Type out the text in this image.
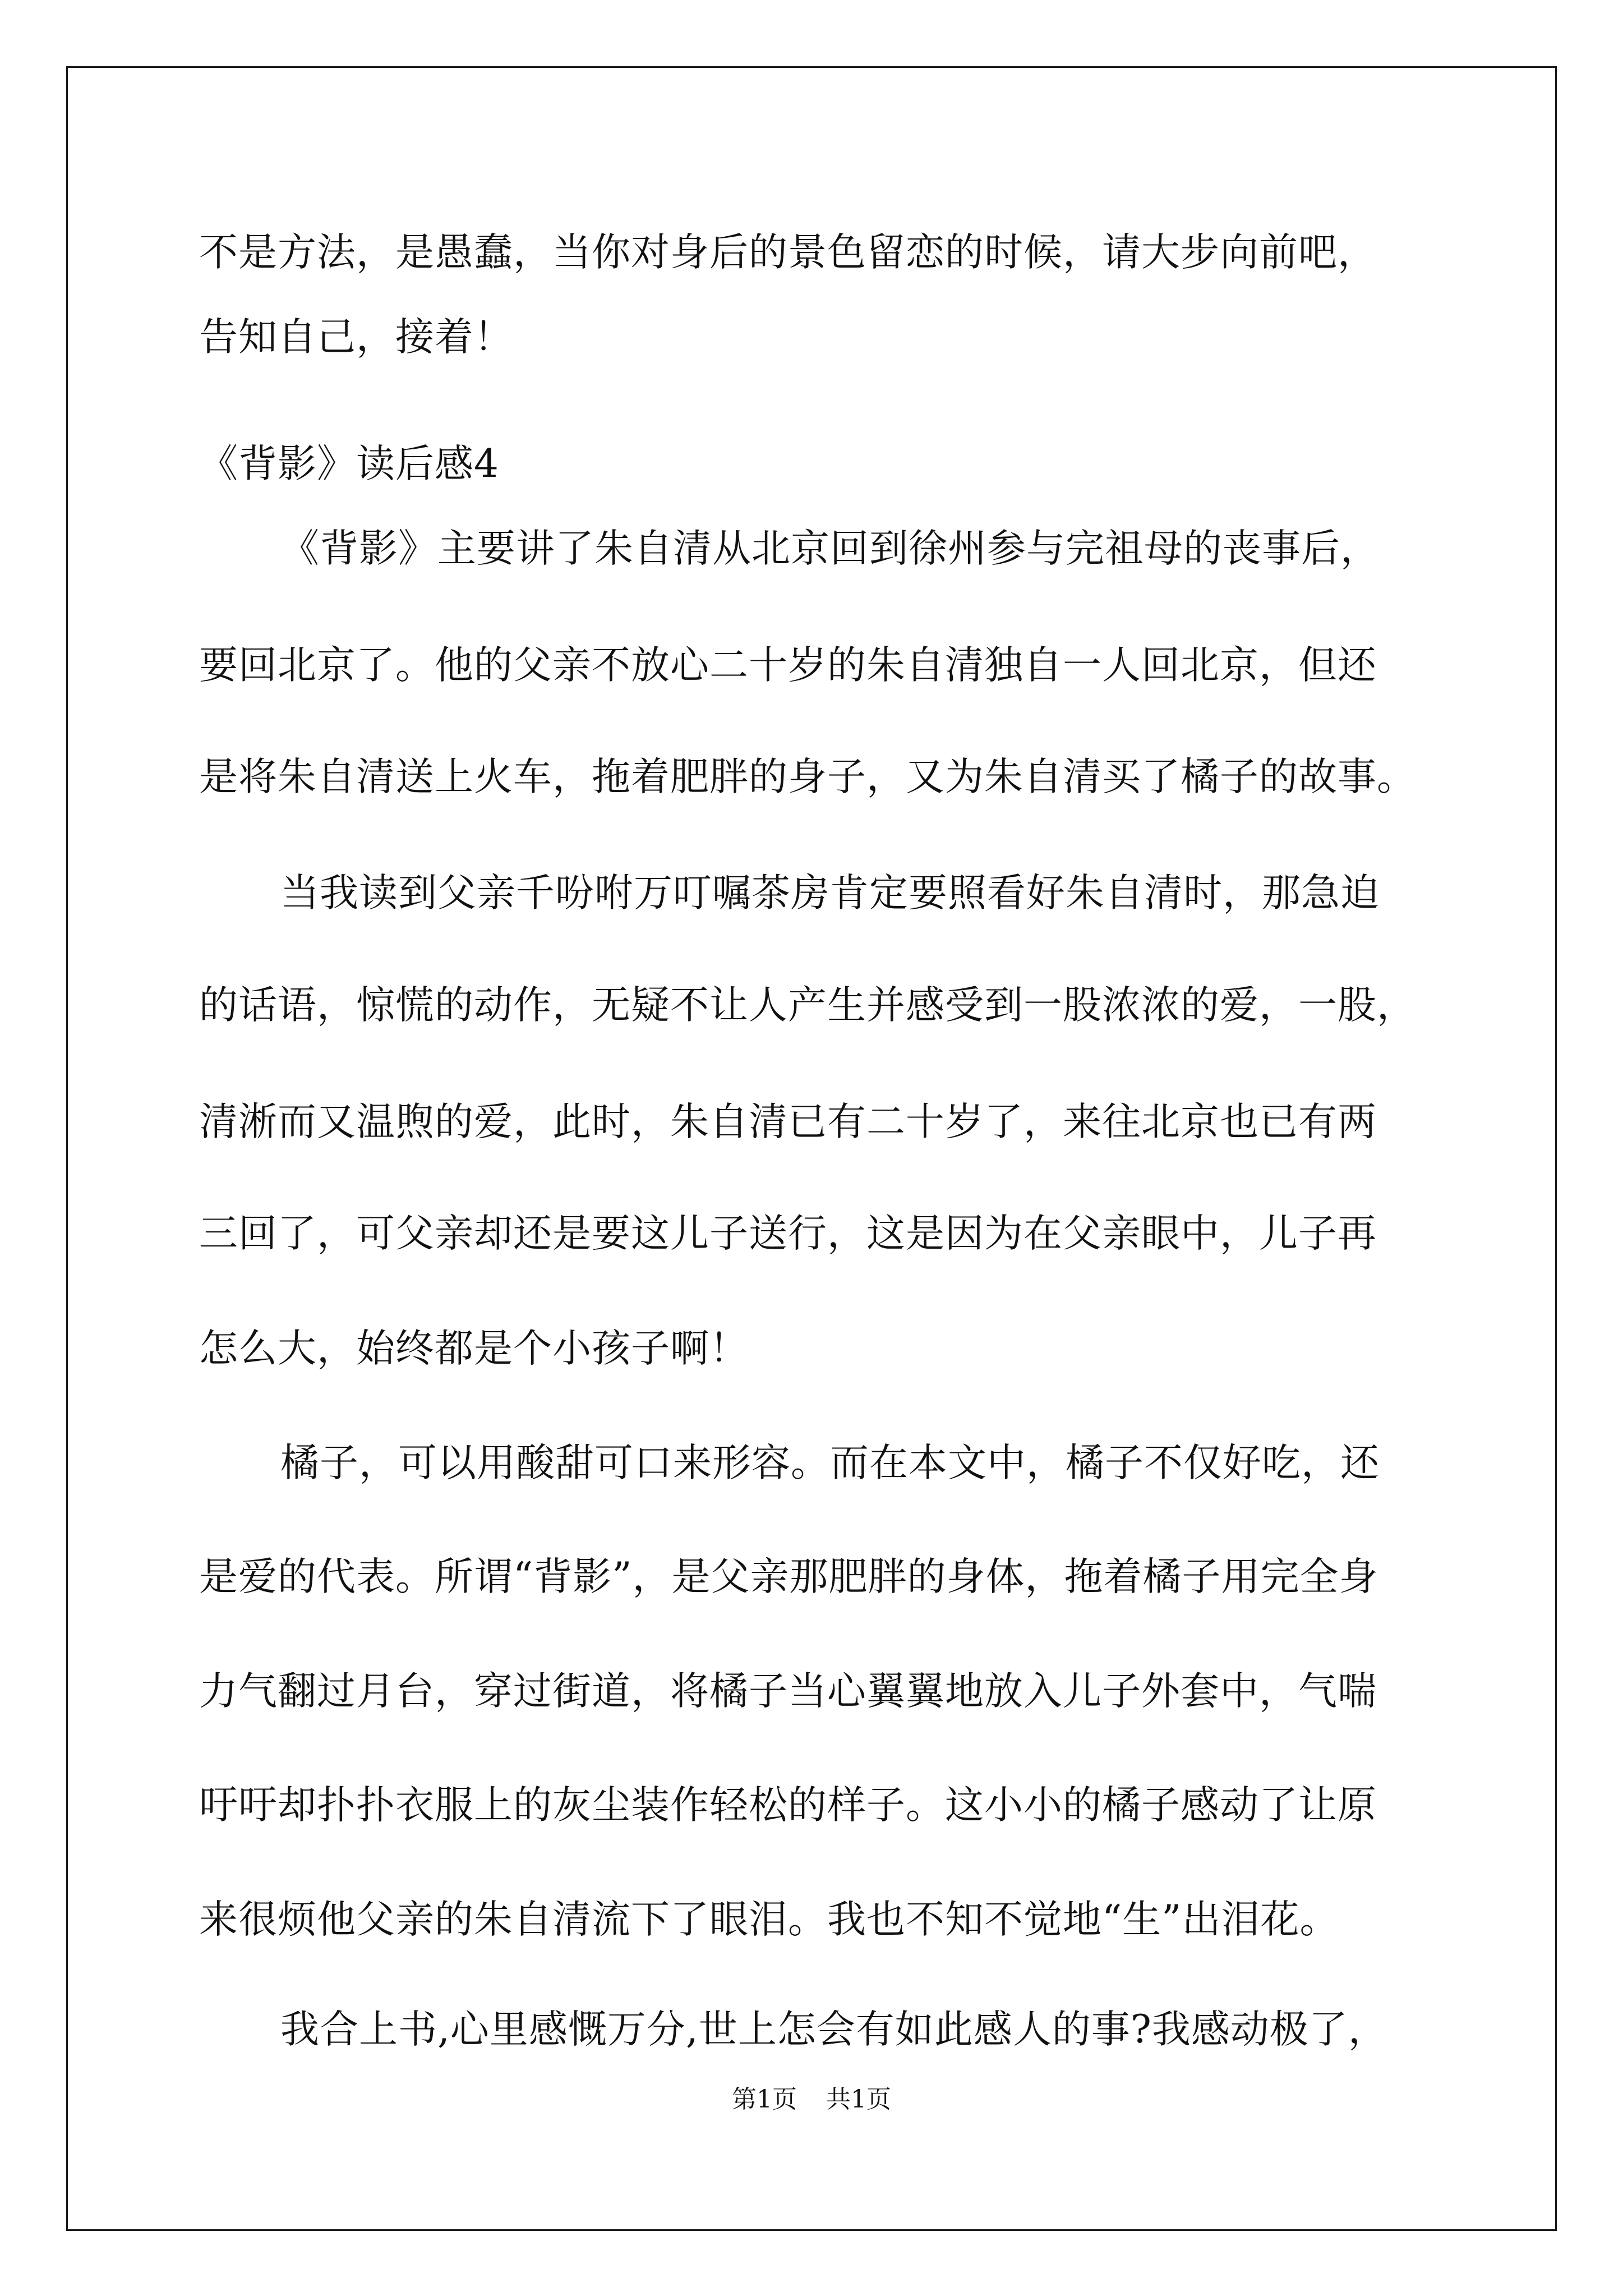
不是方法，是愚蠢，当你对身后的景色留恋的时候，请大步向前吧，
告知自己，接着！
《背影》读后感4
《背影》主要讲了朱自清从北京回到徐州参与完祖母的丧事后，
要回北京了。他的父亲不放心二十岁的朱自清独自一人回北京，但还
是将朱自清送上火车，拖着肥胖的身子，又为朱自清买了橘子的故事。
当我读到父亲千吩咐万叮嘱茶房肯定要照看好朱自清时，那急迫
的话语，惊慌的动作，无疑不让人产生并感受到一股浓浓的爱，一股，
清淅而又温煦的爱，此时，朱自清已有二十岁了，来往北京也已有两
三回了，可父亲却还是要这儿子送行，这是因为在父亲眼中，儿子再
怎么大，始终都是个小孩子啊！
橘子，可以用酸甜可口来形容。而在本文中，橘子不仅好吃，还
是爱的代表。所谓“背影”，是父亲那肥胖的身体，拖着橘子用完全身
力气翻过月台，穿过街道，将橘子当心翼翼地放入儿子外套中，气喘
吁吁却扑扑衣服上的灰尘装作轻松的样子。这小小的橘子感动了让原
来很烦他父亲的朱自清流下了眼泪。我也不知不觉地“生”出泪花。
我合上书,心里感慨万分,世上怎会有如此感人的事?我感动极了，
第1页 共1页
